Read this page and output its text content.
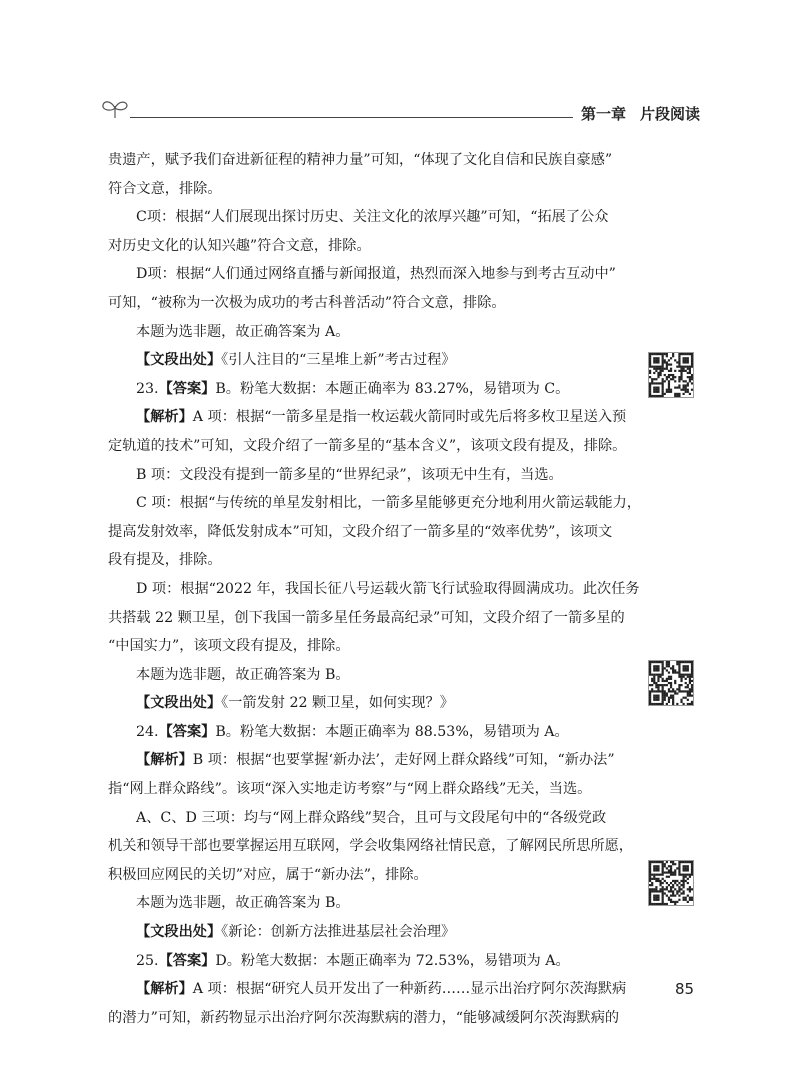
第一章 片段阅读

贵遗产，赋予我们奋进新征程的精神力量”可知，“体现了文化自信和民族自豪感”

符合文意，排除。

C项：根据“人们展现出探讨历史、关注文化的浓厚兴趣”可知，“拓展了公众

对历史文化的认知兴趣”符合文意，排除。

D项：根据“人们通过网络直播与新闻报道，热烈而深入地参与到考古互动中”

可知，“被称为一次极为成功的考古科普活动”符合文意，排除。

本题为选非题，故正确答案为 A。

【文段出处】《引人注目的“三星堆上新”考古过程》

23.【答案】B。粉笔大数据：本题正确率为 83.27%，易错项为 C。

【解析】A 项：根据“一箭多星是指一枚运载火箭同时或先后将多枚卫星送入预

定轨道的技术”可知，文段介绍了一箭多星的“基本含义”，该项文段有提及，排除。

B 项：文段没有提到一箭多星的“世界纪录”，该项无中生有，当选。

C 项：根据“与传统的单星发射相比，一箭多星能够更充分地利用火箭运载能力，

提高发射效率，降低发射成本”可知，文段介绍了一箭多星的“效率优势”，该项文

段有提及，排除。

D 项：根据“2022 年，我国长征八号运载火箭飞行试验取得圆满成功。此次任务

共搭载 22 颗卫星，创下我国一箭多星任务最高纪录”可知，文段介绍了一箭多星的

“中国实力”，该项文段有提及，排除。

本题为选非题，故正确答案为 B。

【文段出处】《一箭发射 22 颗卫星，如何实现？》

24.【答案】B。粉笔大数据：本题正确率为 88.53%，易错项为 A。

【解析】B 项：根据“也要掌握‘新办法’，走好网上群众路线”可知，“新办法”

指“网上群众路线”。该项“深入实地走访考察”与“网上群众路线”无关，当选。

A、C、D 三项：均与“网上群众路线”契合，且可与文段尾句中的“各级党政

机关和领导干部也要掌握运用互联网，学会收集网络社情民意，了解网民所思所愿，

积极回应网民的关切”对应，属于“新办法”，排除。

本题为选非题，故正确答案为 B。

【文段出处】《新论：创新方法推进基层社会治理》

25.【答案】D。粉笔大数据：本题正确率为 72.53%，易错项为 A。

【解析】A 项：根据“研究人员开发出了一种新药……显示出治疗阿尔茨海默病

的潜力”可知，新药物显示出治疗阿尔茨海默病的潜力，“能够减缓阿尔茨海默病的

85
